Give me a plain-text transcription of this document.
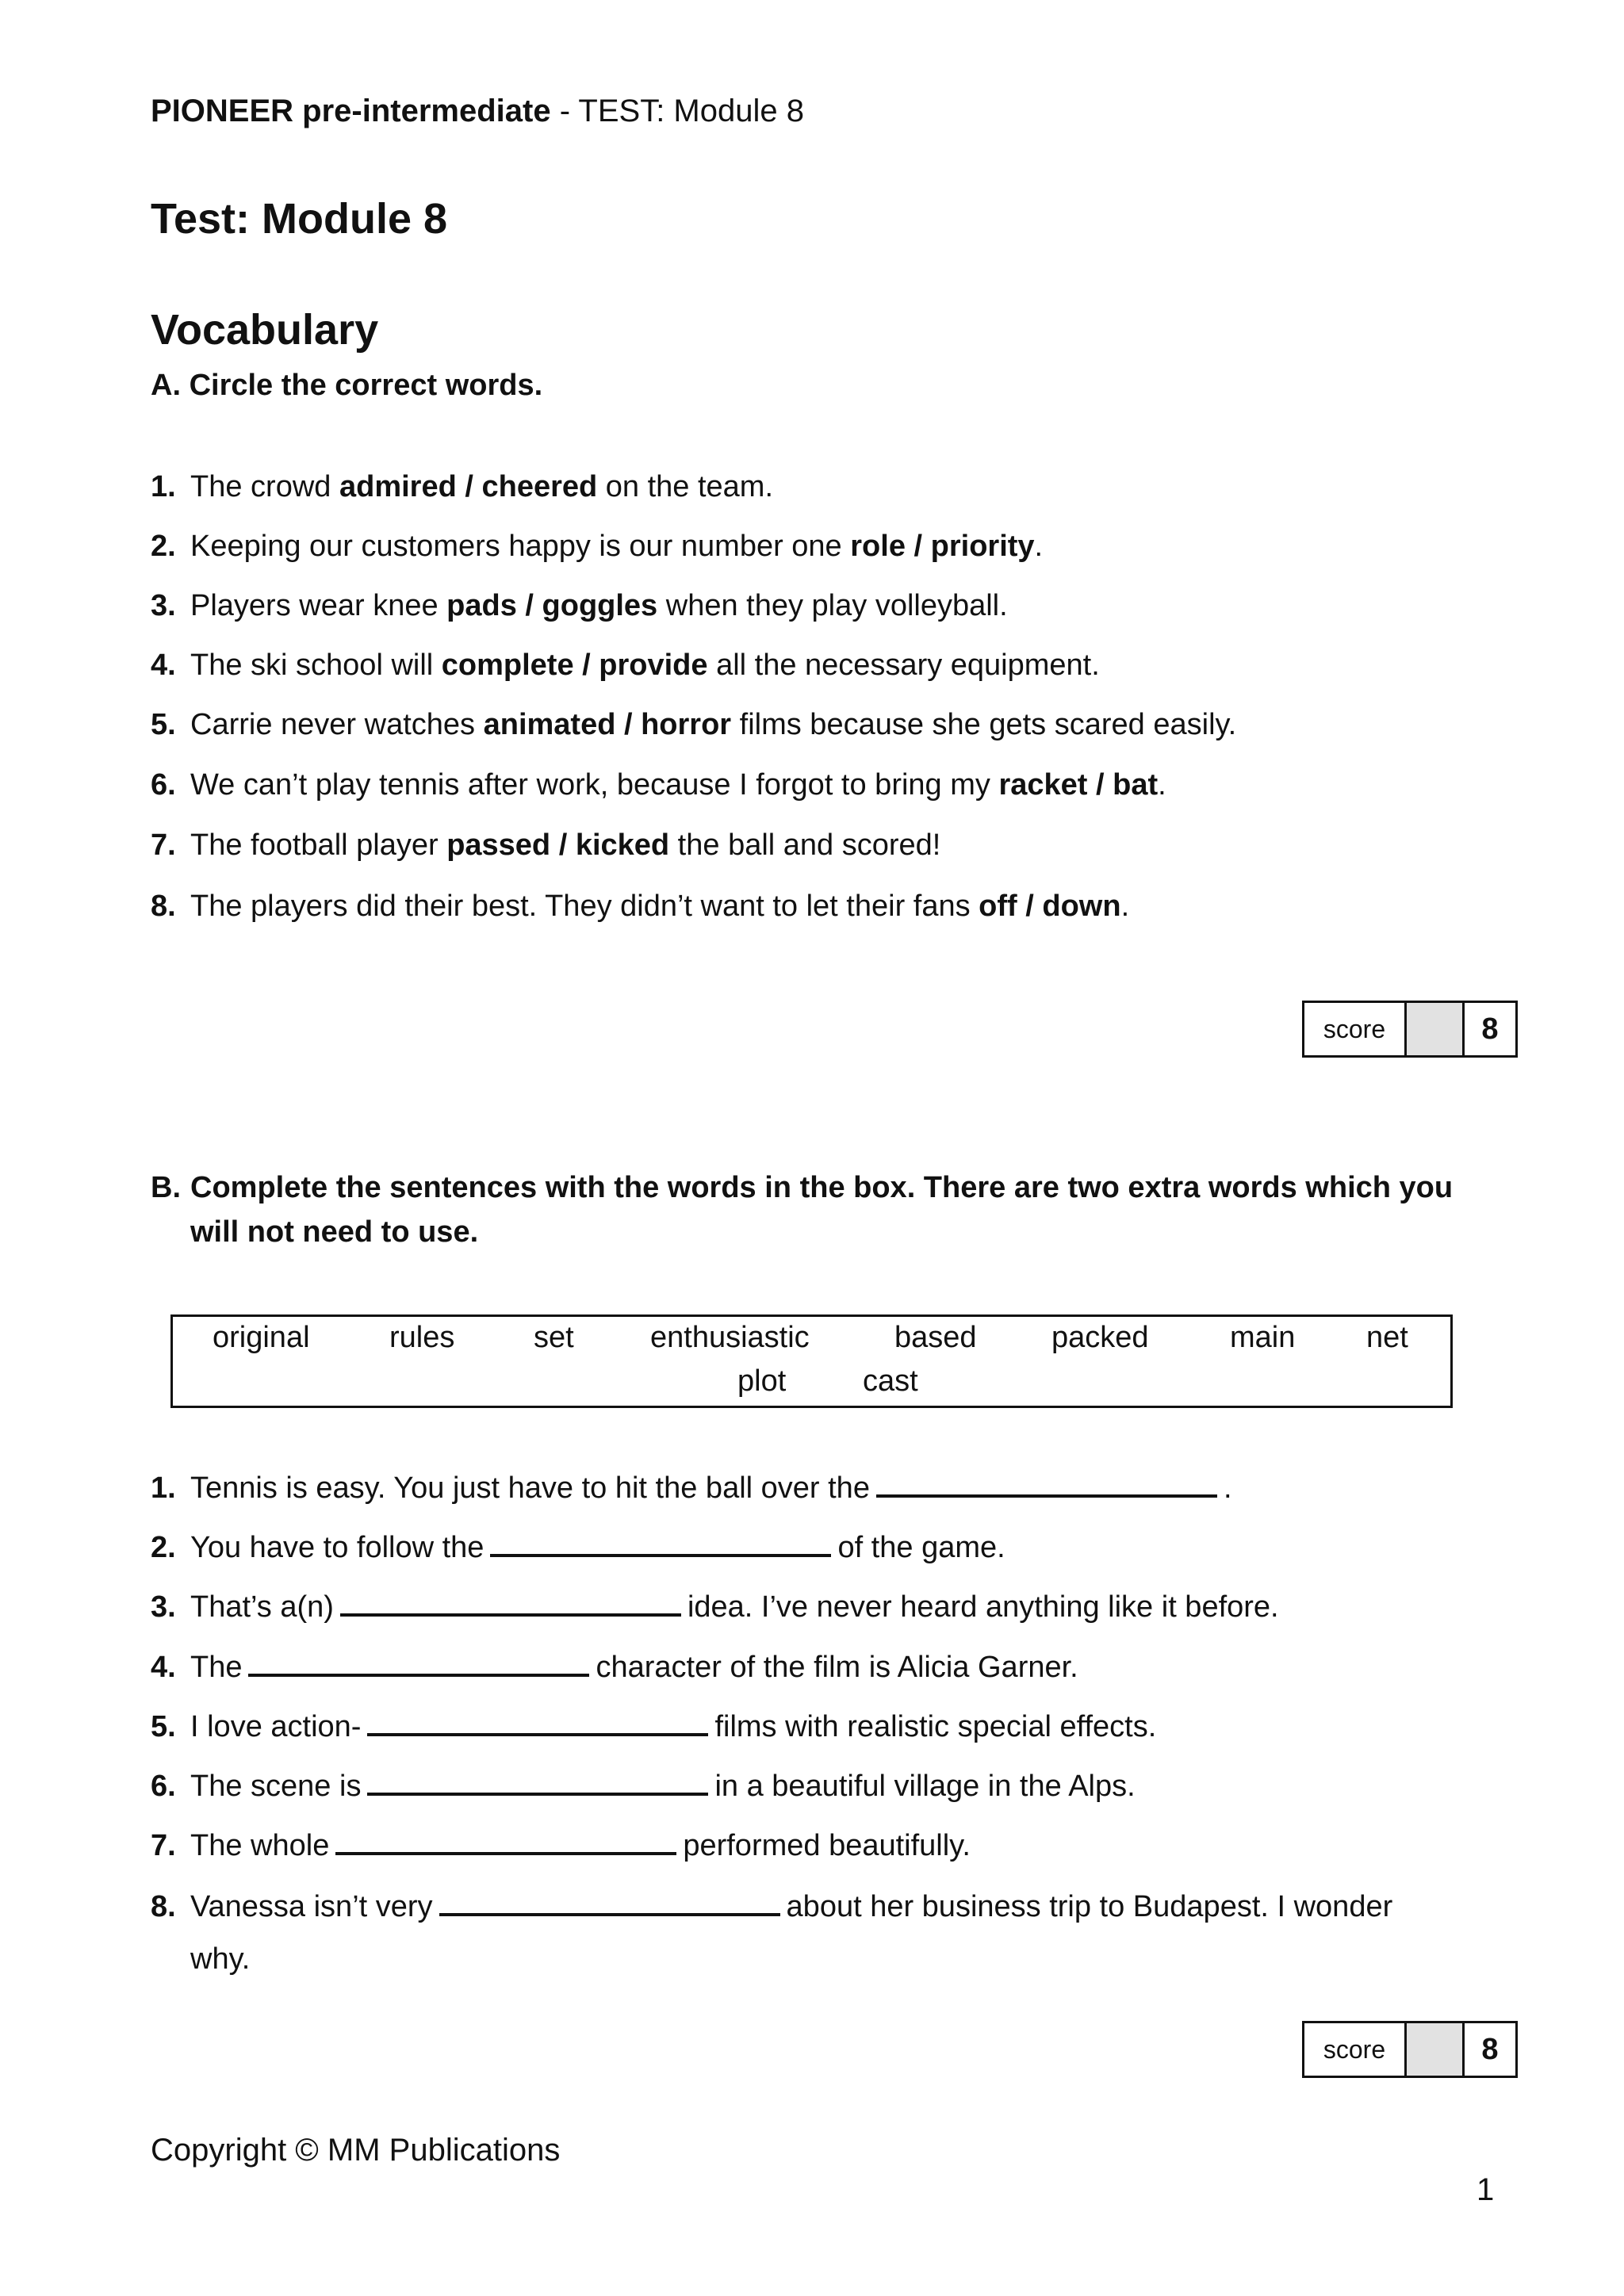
PIONEER pre-intermediate - TEST: Module 8
Test: Module 8
Vocabulary
A. Circle the correct words.
1. The crowd admired / cheered on the team.
2. Keeping our customers happy is our number one role / priority.
3. Players wear knee pads / goggles when they play volleyball.
4. The ski school will complete / provide all the necessary equipment.
5. Carrie never watches animated / horror films because she gets scared easily.
6. We can’t play tennis after work, because I forgot to bring my racket / bat.
7. The football player passed / kicked the ball and scored!
8. The players did their best. They didn’t want to let their fans off / down.
score	8
B. Complete the sentences with the words in the box. There are two extra words which you will not need to use.
original	rules	set	enthusiastic	based packed	main net
plot	cast
1. Tennis is easy. You just have to hit the ball over the	.
2. You have to follow the	of the game.
3. That’s a(n)	idea. I’ve never heard anything like it before.
4. The	character of the film is Alicia Garner.
5. I love action-	films with realistic special effects.
6. The scene is	in a beautiful village in the Alps.
7. The whole	performed beautifully.
8. Vanessa isn’t very	about her business trip to Budapest. I wonder
why.
score	8
Copyright © MM Publications
1
